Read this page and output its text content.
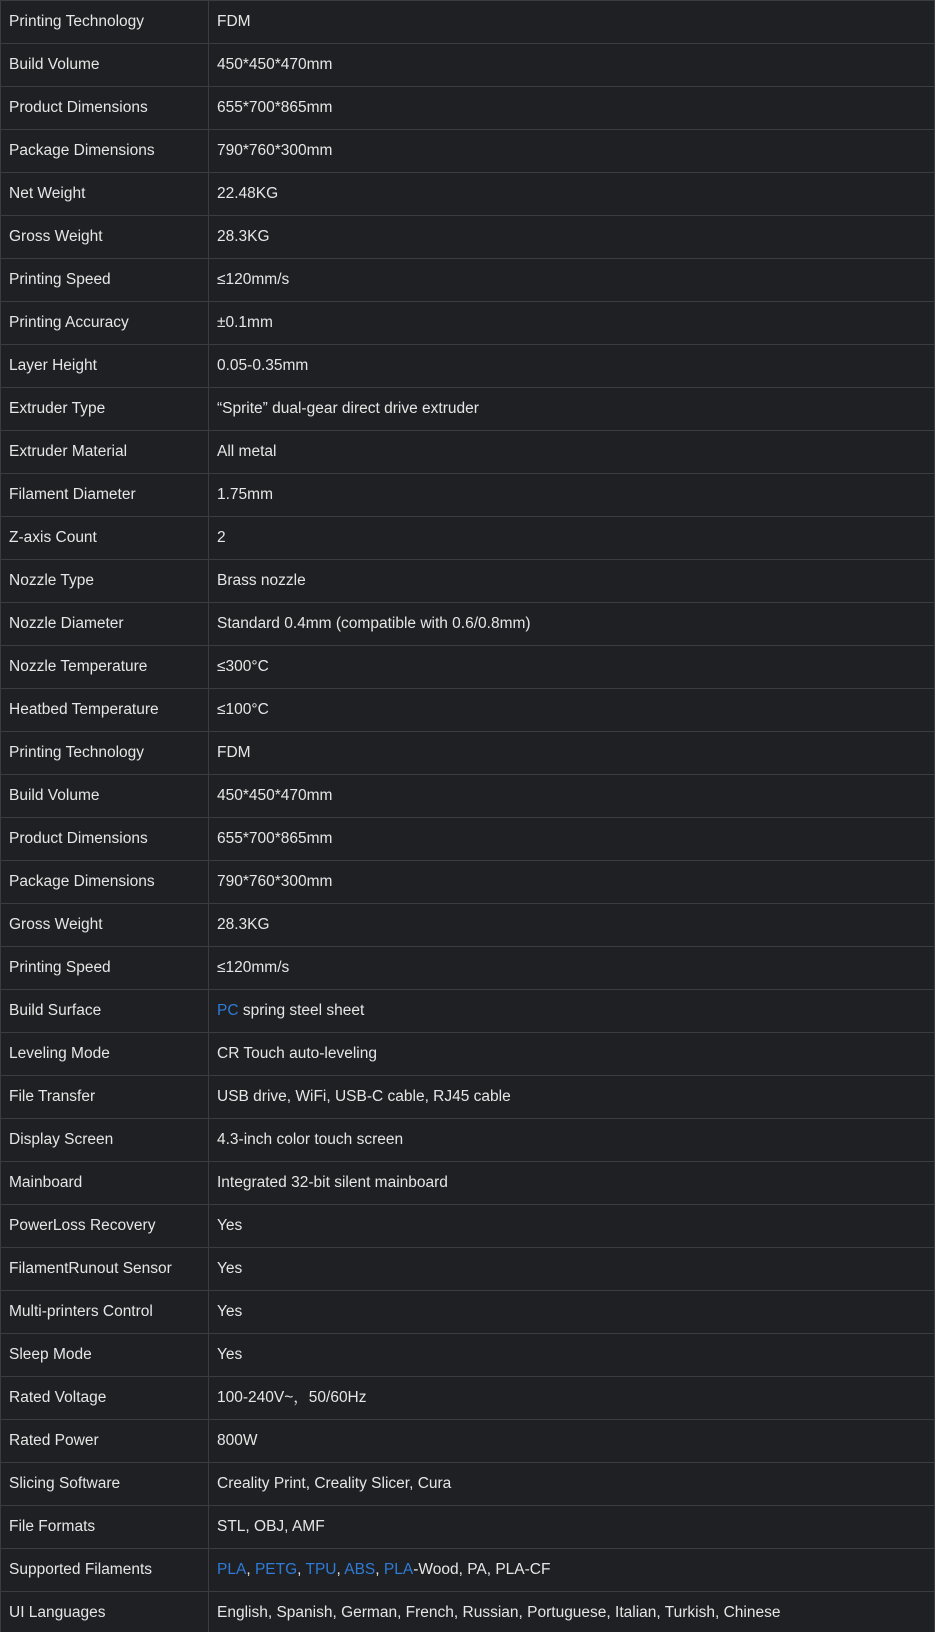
Printing Technology	FDM
Build Volume	450*450*470mm
Product Dimensions	655*700*865mm
Package Dimensions	790*760*300mm
Net Weight	22.48KG
Gross Weight	28.3KG
Printing Speed	≤120mm/s
Printing Accuracy	±0.1mm
Layer Height	0.05-0.35mm
Extruder Type	“Sprite” dual-gear direct drive extruder
Extruder Material	All metal
Filament Diameter	1.75mm
Z-axis Count	2
Nozzle Type	Brass nozzle
Nozzle Diameter	Standard 0.4mm (compatible with 0.6/0.8mm)
Nozzle Temperature	≤300°C
Heatbed Temperature	≤100°C
Printing Technology	FDM
Build Volume	450*450*470mm
Product Dimensions	655*700*865mm
Package Dimensions	790*760*300mm
Gross Weight	28.3KG
Printing Speed	≤120mm/s
Build Surface	PC spring steel sheet
Leveling Mode	CR Touch auto-leveling
File Transfer	USB drive, WiFi, USB-C cable, RJ45 cable
Display Screen	4.3-inch color touch screen
Mainboard	Integrated 32-bit silent mainboard
PowerLoss Recovery	Yes
FilamentRunout Sensor	Yes
Multi-printers Control	Yes
Sleep Mode	Yes
Rated Voltage	100-240V~，50/60Hz
Rated Power	800W
Slicing Software	Creality Print, Creality Slicer, Cura
File Formats	STL, OBJ, AMF
Supported Filaments	PLA, PETG, TPU, ABS, PLA-Wood, PA, PLA-CF
UI Languages	English, Spanish, German, French, Russian, Portuguese, Italian, Turkish, Chinese
